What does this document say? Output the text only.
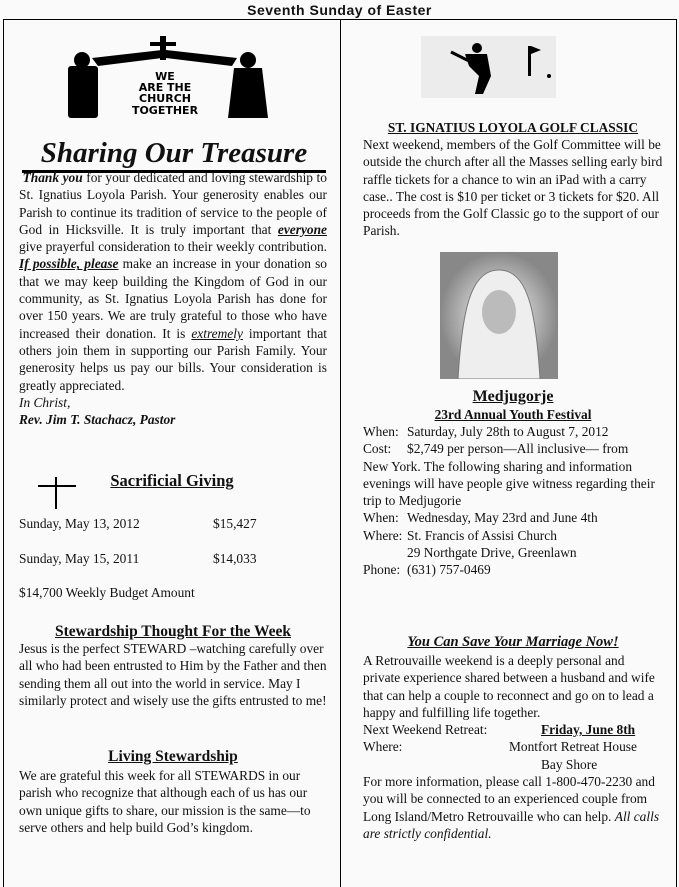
Seventh Sunday of Easter
WE
ARE THE
CHURCH
TOGETHER
Sharing Our Treasure

Thank you for your dedicated and loving stewardship to St. Ignatius Loyola Parish. Your generosity enables our Parish to continue its tradition of service to the people of God in Hicksville. It is truly important that everyone give prayerful consideration to their weekly contribution. If possible, please make an increase in your donation so that we may keep building the Kingdom of God in our community, as St. Ignatius Loyola Parish has done for over 150 years. We are truly grateful to those who have increased their donation. It is extremely important that others join them in supporting our Parish Family. Your generosity helps us pay our bills. Your consideration is greatly appreciated.

In Christ,

Rev. Jim T. Stachacz, Pastor

Sacrificial Giving
Sunday, May 13, 2012	$15,427
Sunday, May 15, 2011	$14,033
$14,700 Weekly Budget Amount
Stewardship Thought For the Week
Jesus is the perfect STEWARD –watching carefully over all who had been entrusted to Him by the Father and then sending them all out into the world in service. May I similarly protect and wisely use the gifts entrusted to me!
Living Stewardship
We are grateful this week for all STEWARDS in our parish who recognize that although each of us has our own unique gifts to share, our mission is the same—to serve others and help build God’s kingdom.
ST. IGNATIUS LOYOLA GOLF CLASSIC
Next weekend, members of the Golf Committee will be outside the church after all the Masses selling early bird raffle tickets for a chance to win an iPad with a carry case.. The cost is $10 per ticket or 3 tickets for $20. All proceeds from the Golf Classic go to the support of our Parish.
Medjugorje
23rd Annual Youth Festival
When: Saturday, July 28th to August 7, 2012
Cost:	$2,749 per person—All inclusive— from

New York. The following sharing and information evenings will have people give witness regarding their trip to Medjugorie

When: Wednesday, May 23rd and June 4th
Where: St. Francis of Assisi Church
29 Northgate Drive, Greenlawn
Phone: (631) 757-0469
You Can Save Your Marriage Now!

A Retrouvaille weekend is a deeply personal and private experience shared between a husband and wife that can help a couple to reconnect and go on to lead a happy and fulfilling life together.

Next Weekend Retreat:	Friday, June 8th
Where:	Montfort Retreat House
Bay Shore

For more information, please call 1-800-470-2230 and you will be connected to an experienced couple from Long Island/Metro Retrouvaille who can help. All calls are strictly confidential.
